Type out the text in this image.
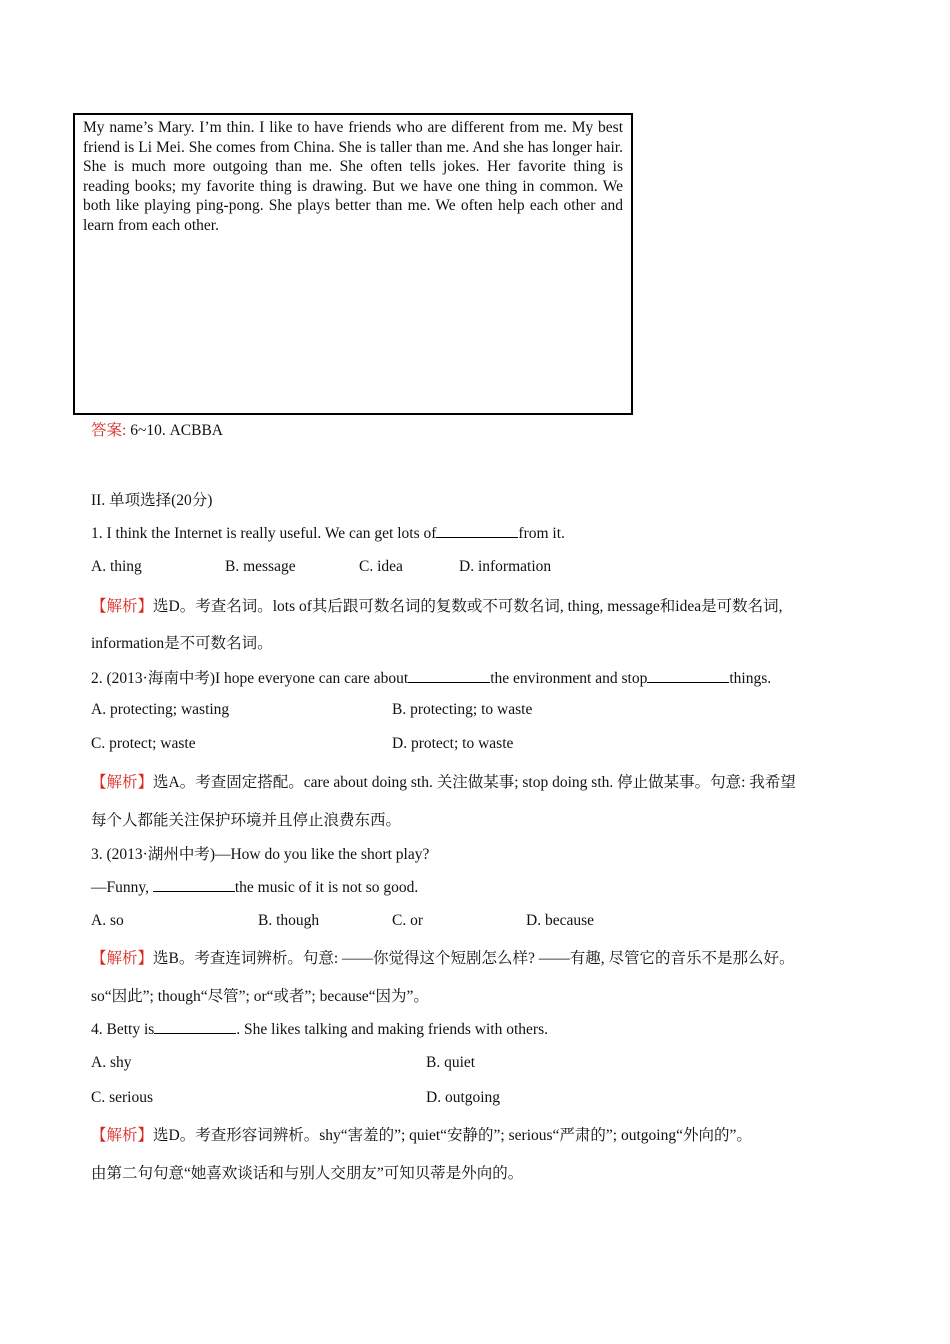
My name’s Mary. I’m thin. I like to have friends who are different from me. My best friend is Li Mei. She comes from China. She is taller than me. And she has longer hair. She is much more outgoing than me. She often tells jokes. Her favorite thing is reading books; my favorite thing is drawing. But we have one thing in common. We both like playing ping-pong. She plays better than me. We often help each other and learn from each other.

答案: 6~10. ACBBA
II. 单项选择(20分)
1. I think the Internet is really useful. We can get lots of	from it.
A. thing	B. message	C. idea	D. information
【解析】选D。考查名词。lots of其后跟可数名词的复数或不可数名词, thing, message和idea是可数名词,
information是不可数名词。
2. (2013·海南中考)I hope everyone can care about	the environment and stop	things.
A. protecting; wasting	B. protecting; to waste
C. protect; waste	D. protect; to waste
【解析】选A。考查固定搭配。care about doing sth. 关注做某事; stop doing sth. 停止做某事。句意: 我希望
每个人都能关注保护环境并且停止浪费东西。
3. (2013·湖州中考)—How do you like the short play?
—Funny,	the music of it is not so good.
A. so	B. though	C. or	D. because
【解析】选B。考查连词辨析。句意: ——你觉得这个短剧怎么样? ——有趣, 尽管它的音乐不是那么好。
so“因此”; though“尽管”; or“或者”; because“因为”。
4. Betty is	. She likes talking and making friends with others.
A. shy	B. quiet
C. serious	D. outgoing
【解析】选D。考查形容词辨析。shy“害羞的”; quiet“安静的”; serious“严肃的”; outgoing“外向的”。
由第二句句意“她喜欢谈话和与别人交朋友”可知贝蒂是外向的。
